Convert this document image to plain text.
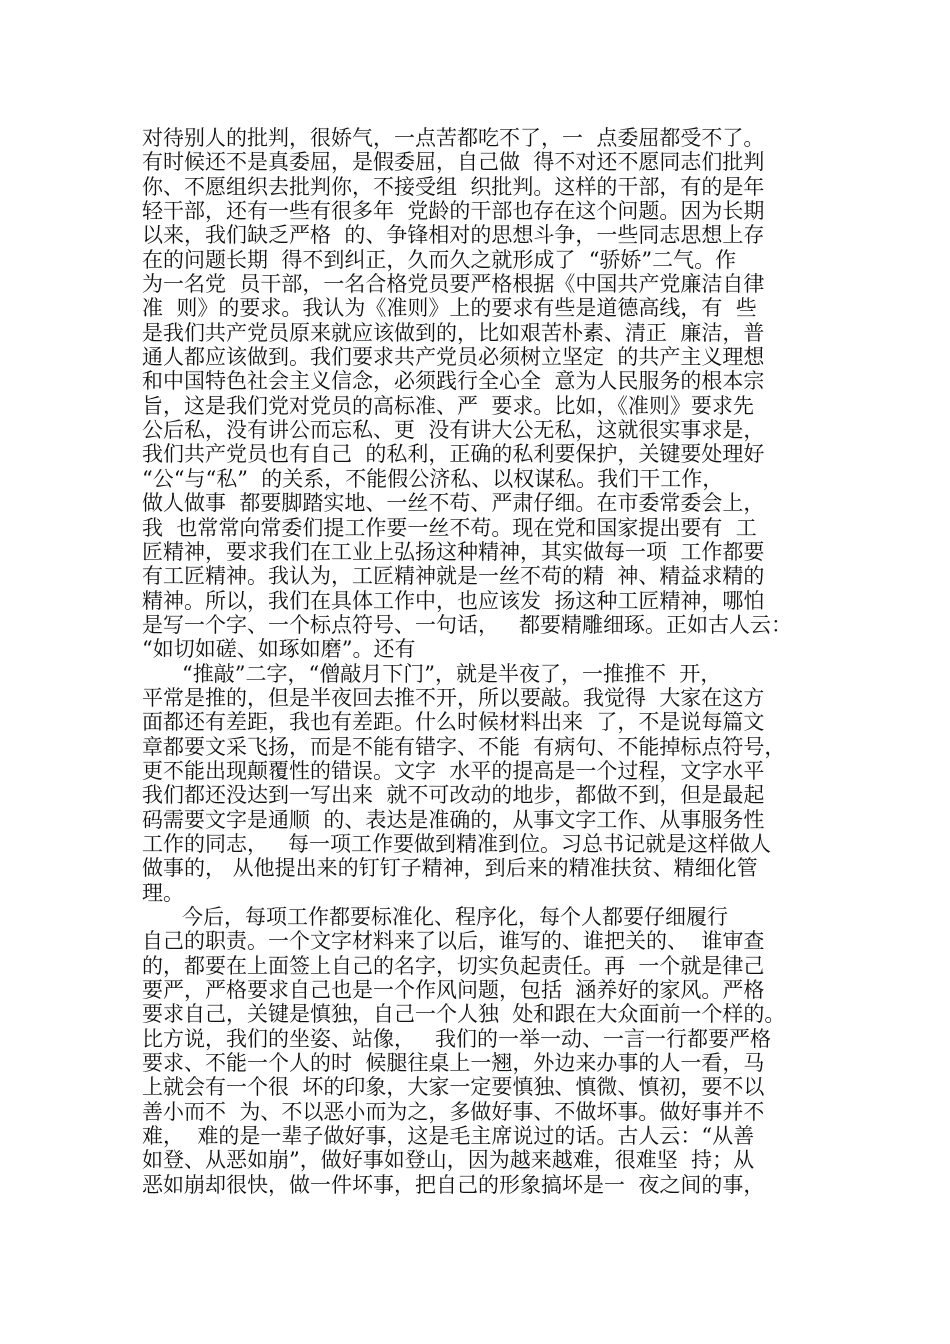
对待别人的批判，很娇气，一点苦都吃不了，一  点委屈都受不了。
有时候还不是真委屈，是假委屈，自己做  得不对还不愿同志们批判
你、不愿组织去批判你，不接受组  织批判。这样的干部，有的是年
轻干部，还有一些有很多年  党龄的干部也存在这个问题。因为长期
以来，我们缺乏严格  的、争锋相对的思想斗争，一些同志思想上存
在的问题长期  得不到纠正，久而久之就形成了  “骄娇”二气。作
为一名党  员干部，一名合格党员要严格根据《中国共产党廉洁自律
准  则》的要求。我认为《准则》上的要求有些是道德高线，有  些
是我们共产党员原来就应该做到的，比如艰苦朴素、清正  廉洁，普
通人都应该做到。我们要求共产党员必须树立坚定  的共产主义理想
和中国特色社会主义信念，必须践行全心全  意为人民服务的根本宗
旨，这是我们党对党员的高标准、严  要求。比如，《准则》要求先
公后私，没有讲公而忘私、更  没有讲大公无私，这就很实事求是，
我们共产党员也有自己  的私利，正确的私利要保护，关键要处理好
“公“与“私”  的关系，不能假公济私、以权谋私。我们干工作，
做人做事  都要脚踏实地、一丝不苟、严肃仔细。在市委常委会上，
我  也常常向常委们提工作要一丝不苟。现在党和国家提出要有  工
匠精神，要求我们在工业上弘扬这种精神，其实做每一项  工作都要
有工匠精神。我认为，工匠精神就是一丝不苟的精  神、精益求精的
精神。所以，我们在具体工作中，也应该发  扬这种工匠精神，哪怕
是写一个字、一个标点符号、一句话，   都要精雕细琢。正如古人云：
“如切如磋、如琢如磨”。还有
“推敲”二字，“僧敲月下门”，就是半夜了，一推推不  开，
平常是推的，但是半夜回去推不开，所以要敲。我觉得  大家在这方
面都还有差距，我也有差距。什么时候材料出来  了，不是说每篇文
章都要文采飞扬，而是不能有错字、不能  有病句、不能掉标点符号，
更不能出现颠覆性的错误。文字  水平的提高是一个过程，文字水平
我们都还没达到一写出来  就不可改动的地步，都做不到，但是最起
码需要文字是通顺  的、表达是准确的，从事文字工作、从事服务性
工作的同志，   每一项工作要做到精准到位。习总书记就是这样做人
做事的， 从他提出来的钉钉子精神，到后来的精准扶贫、精细化管
理。
今后，每项工作都要标准化、程序化，每个人都要仔细履行
自己的职责。一个文字材料来了以后，谁写的、谁把关的、  谁审查
的，都要在上面签上自己的名字，切实负起责任。再  一个就是律己
要严，严格要求自己也是一个作风问题，包括  涵养好的家风。严格
要求自己，关键是慎独，自己一个人独  处和跟在大众面前一个样的。
比方说，我们的坐姿、站像，   我们的一举一动、一言一行都要严格
要求、不能一个人的时  候腿往桌上一翘，外边来办事的人一看，马
上就会有一个很  坏的印象，大家一定要慎独、慎微、慎初，要不以
善小而不  为、不以恶小而为之，多做好事、不做坏事。做好事并不
难，  难的是一辈子做好事，这是毛主席说过的话。古人云：“从善
如登、从恶如崩”，做好事如登山，因为越来越难，很难坚  持；从
恶如崩却很快，做一件坏事，把自己的形象搞坏是一  夜之间的事，
